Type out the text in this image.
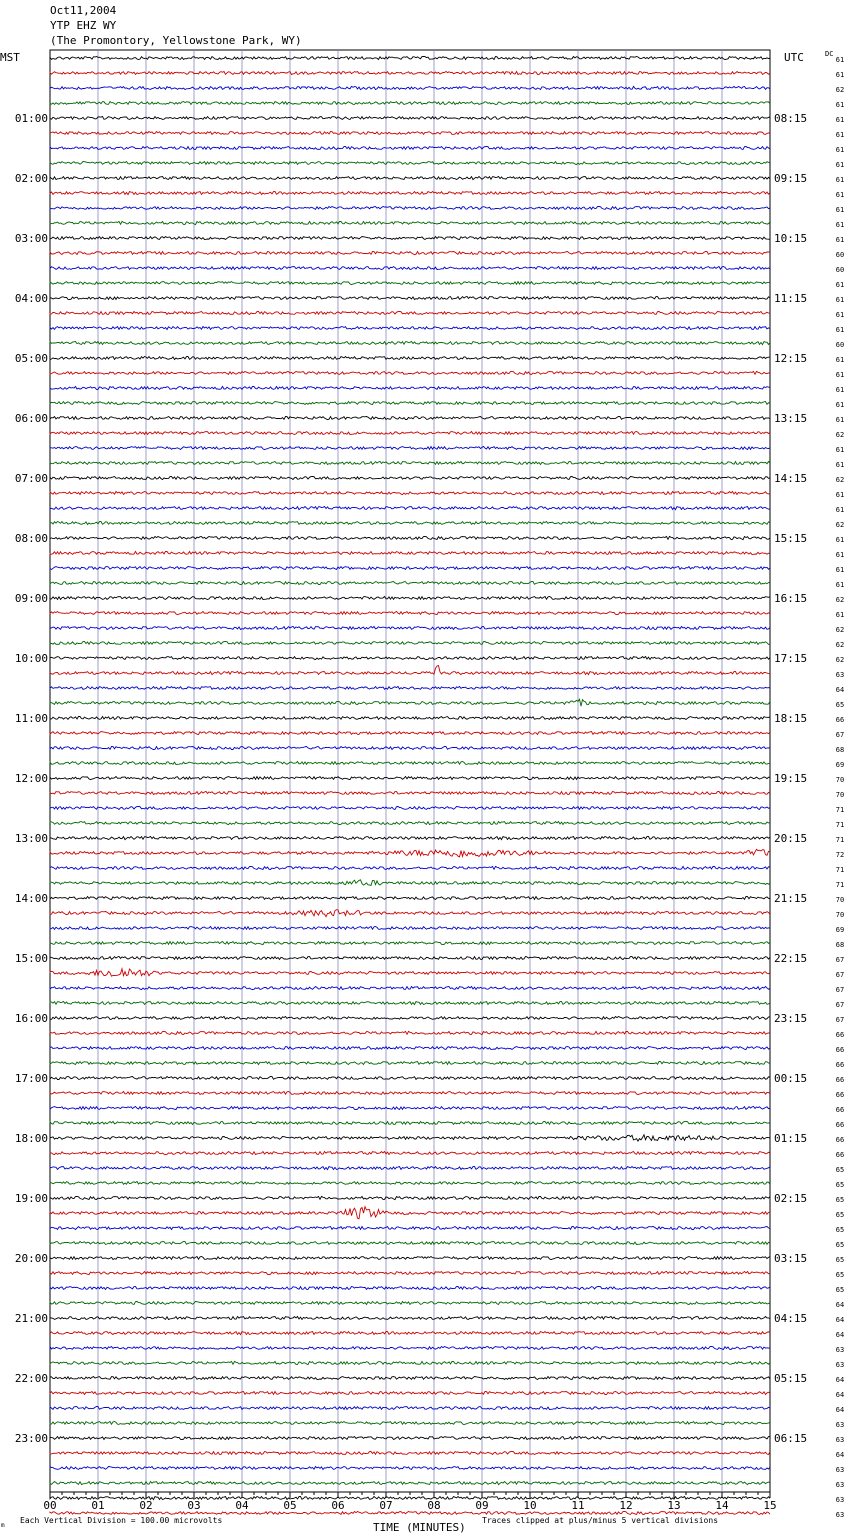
Oct11,2004
YTP EHZ WY
(The Promontory, Yellowstone Park, WY)
61
61
62
61
61
61
61
61
61
61
61
61
61
60
60
61
61
61
61
60
61
61
61
61
61
62
61
61
62
61
61
62
61
61
61
61
62
61
62
62
62
63
64
65
66
67
68
69
70
70
71
71
71
72
71
71
70
70
69
68
67
67
67
67
67
66
66
66
66
66
66
66
66
66
65
65
65
65
65
65
65
65
65
64
64
64
63
63
64
64
64
63
63
64
63
63
63
63
MST	UTC	DC
01:00
02:00
03:00
04:00
05:00
06:00
07:00
08:00
09:00
10:00
11:00
12:00
13:00
14:00
15:00
16:00
17:00
18:00
19:00
20:00
21:00
22:00
23:00
08:15
09:15
10:15
11:15
12:15
13:15
14:15
15:15
16:15
17:15
18:15
19:15
20:15
21:15
22:15
23:15
00:15
01:15
02:15
03:15
04:15
05:15
06:15
00	01	02	03	04	05	06	07	08	09	10	11	12	13	14	15
TIME (MINUTES)
Each Vertical Division = 100.00 microvolts	Traces clipped at plus/minus 5 vertical divisions
m
